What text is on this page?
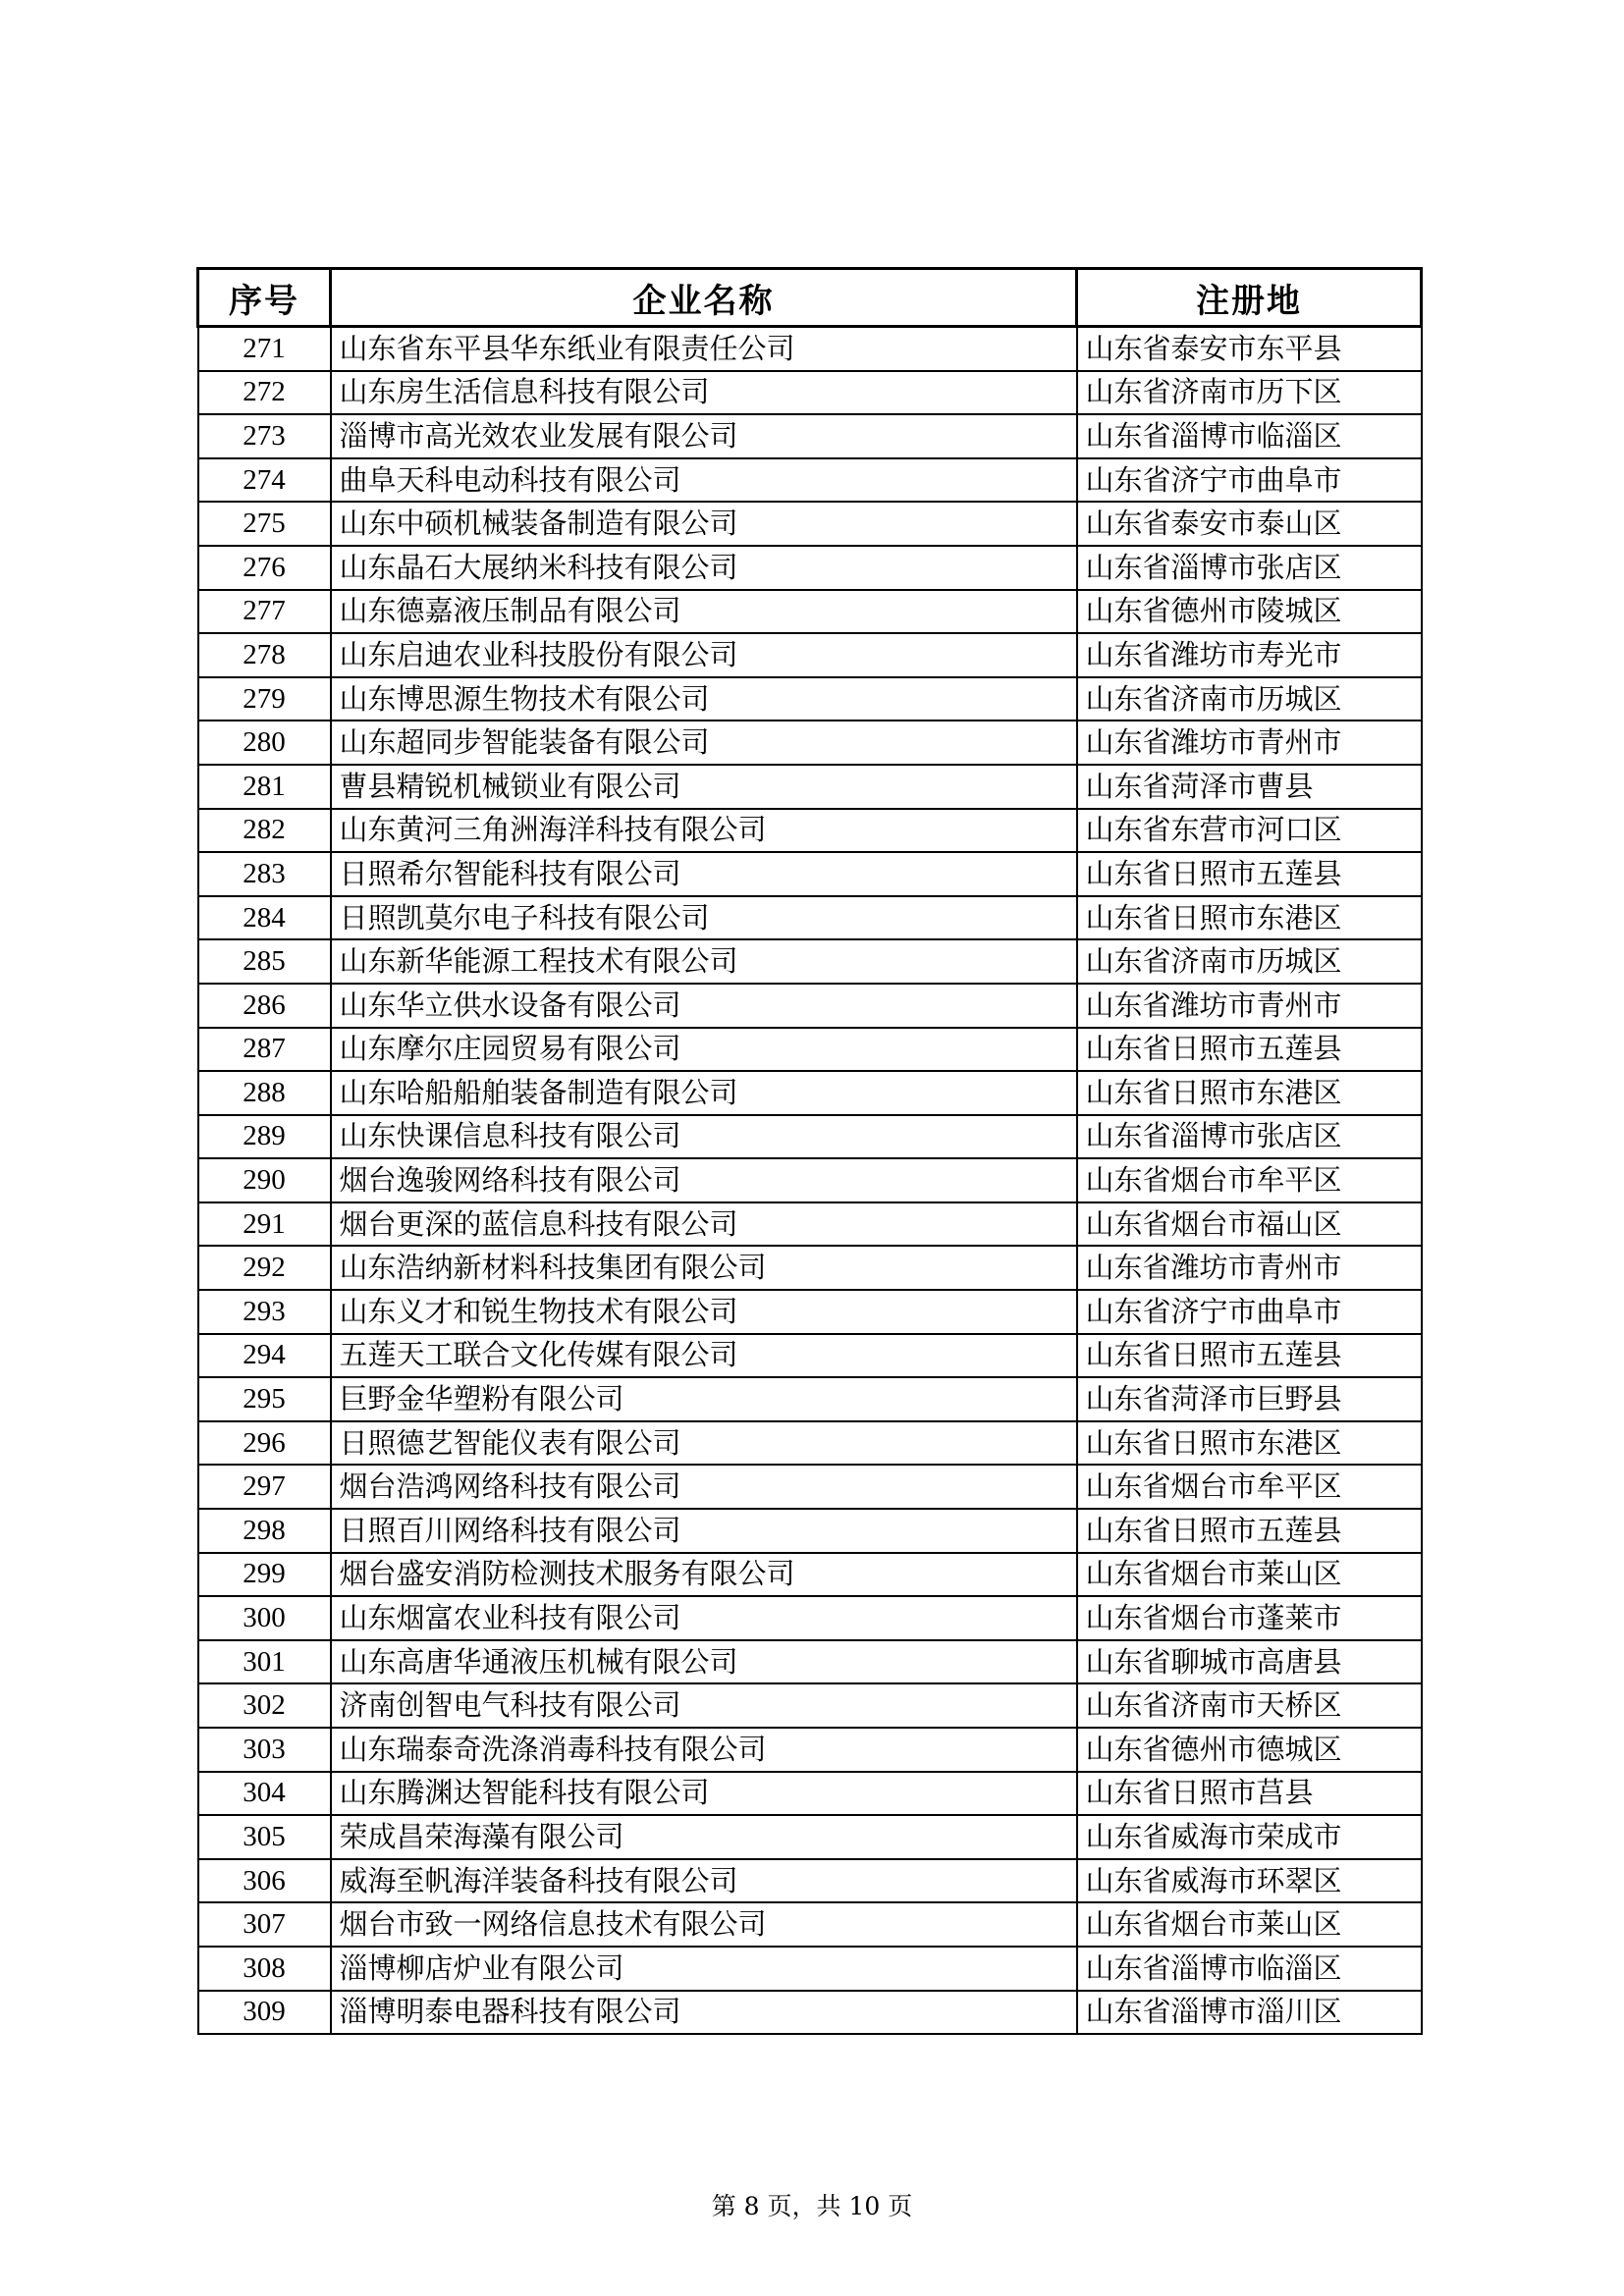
序号	企业名称	注册地
271	山东省东平县华东纸业有限责任公司	山东省泰安市东平县
272	山东房生活信息科技有限公司	山东省济南市历下区
273	淄博市高光效农业发展有限公司	山东省淄博市临淄区
274	曲阜天科电动科技有限公司	山东省济宁市曲阜市
275	山东中硕机械装备制造有限公司	山东省泰安市泰山区
276	山东晶石大展纳米科技有限公司	山东省淄博市张店区
277	山东德嘉液压制品有限公司	山东省德州市陵城区
278	山东启迪农业科技股份有限公司	山东省潍坊市寿光市
279	山东博思源生物技术有限公司	山东省济南市历城区
280	山东超同步智能装备有限公司	山东省潍坊市青州市
281	曹县精锐机械锁业有限公司	山东省菏泽市曹县
282	山东黄河三角洲海洋科技有限公司	山东省东营市河口区
283	日照希尔智能科技有限公司	山东省日照市五莲县
284	日照凯莫尔电子科技有限公司	山东省日照市东港区
285	山东新华能源工程技术有限公司	山东省济南市历城区
286	山东华立供水设备有限公司	山东省潍坊市青州市
287	山东摩尔庄园贸易有限公司	山东省日照市五莲县
288	山东哈船船舶装备制造有限公司	山东省日照市东港区
289	山东快课信息科技有限公司	山东省淄博市张店区
290	烟台逸骏网络科技有限公司	山东省烟台市牟平区
291	烟台更深的蓝信息科技有限公司	山东省烟台市福山区
292	山东浩纳新材料科技集团有限公司	山东省潍坊市青州市
293	山东义才和锐生物技术有限公司	山东省济宁市曲阜市
294	五莲天工联合文化传媒有限公司	山东省日照市五莲县
295	巨野金华塑粉有限公司	山东省菏泽市巨野县
296	日照德艺智能仪表有限公司	山东省日照市东港区
297	烟台浩鸿网络科技有限公司	山东省烟台市牟平区
298	日照百川网络科技有限公司	山东省日照市五莲县
299	烟台盛安消防检测技术服务有限公司	山东省烟台市莱山区
300	山东烟富农业科技有限公司	山东省烟台市蓬莱市
301	山东高唐华通液压机械有限公司	山东省聊城市高唐县
302	济南创智电气科技有限公司	山东省济南市天桥区
303	山东瑞泰奇洗涤消毒科技有限公司	山东省德州市德城区
304	山东腾渊达智能科技有限公司	山东省日照市莒县
305	荣成昌荣海藻有限公司	山东省威海市荣成市
306	威海至帆海洋装备科技有限公司	山东省威海市环翠区
307	烟台市致一网络信息技术有限公司	山东省烟台市莱山区
308	淄博柳店炉业有限公司	山东省淄博市临淄区
309	淄博明泰电器科技有限公司	山东省淄博市淄川区
第 8 页，共 10 页
